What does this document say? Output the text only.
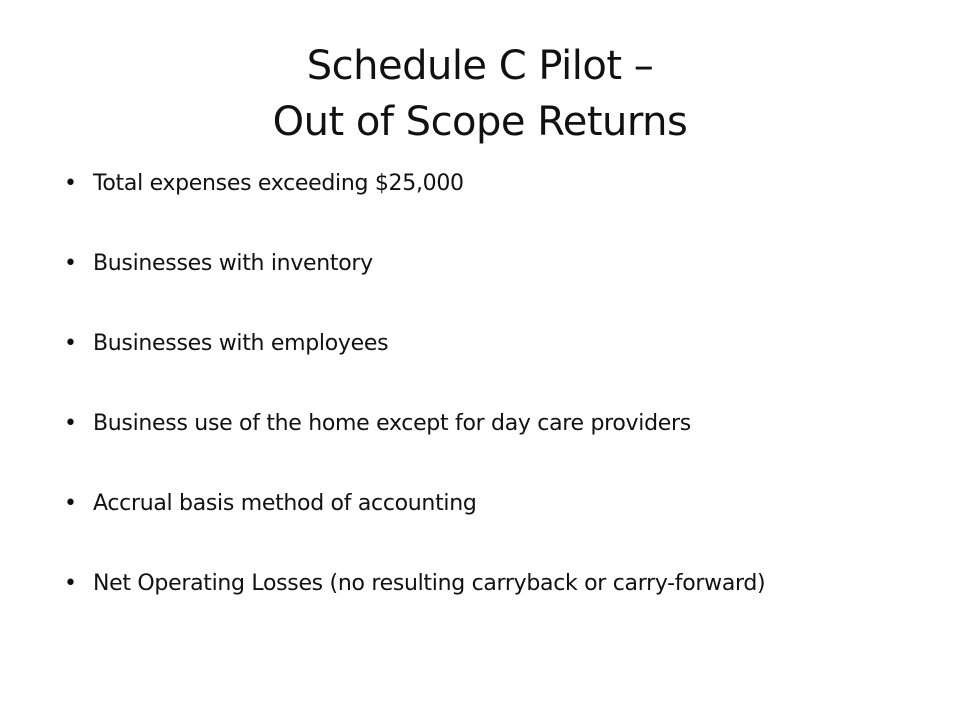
Schedule C Pilot –
Out of Scope Returns
• Total expenses exceeding $25,000
• Businesses with inventory
• Businesses with employees
• Business use of the home except for day care providers
• Accrual basis method of accounting
• Net Operating Losses (no resulting carryback or carry-forward)
